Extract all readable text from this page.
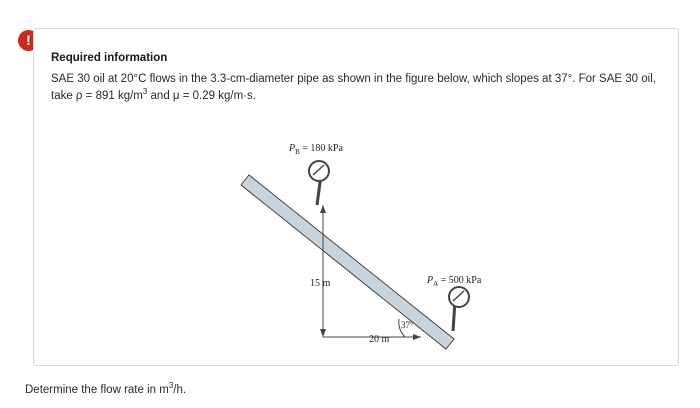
!
Required information
SAE 30 oil at 20°C flows in the 3.3-cm-diameter pipe as shown in the figure below, which slopes at 37°. For SAE 30 oil,
take ρ = 891 $kg/m^3$ and μ = 0.29 kg/m·s.
$P_B = 180$ kPa
$P_A = 500$ kPa
15 m
20 m
37°
Determine the flow rate in $m^3/h$.
